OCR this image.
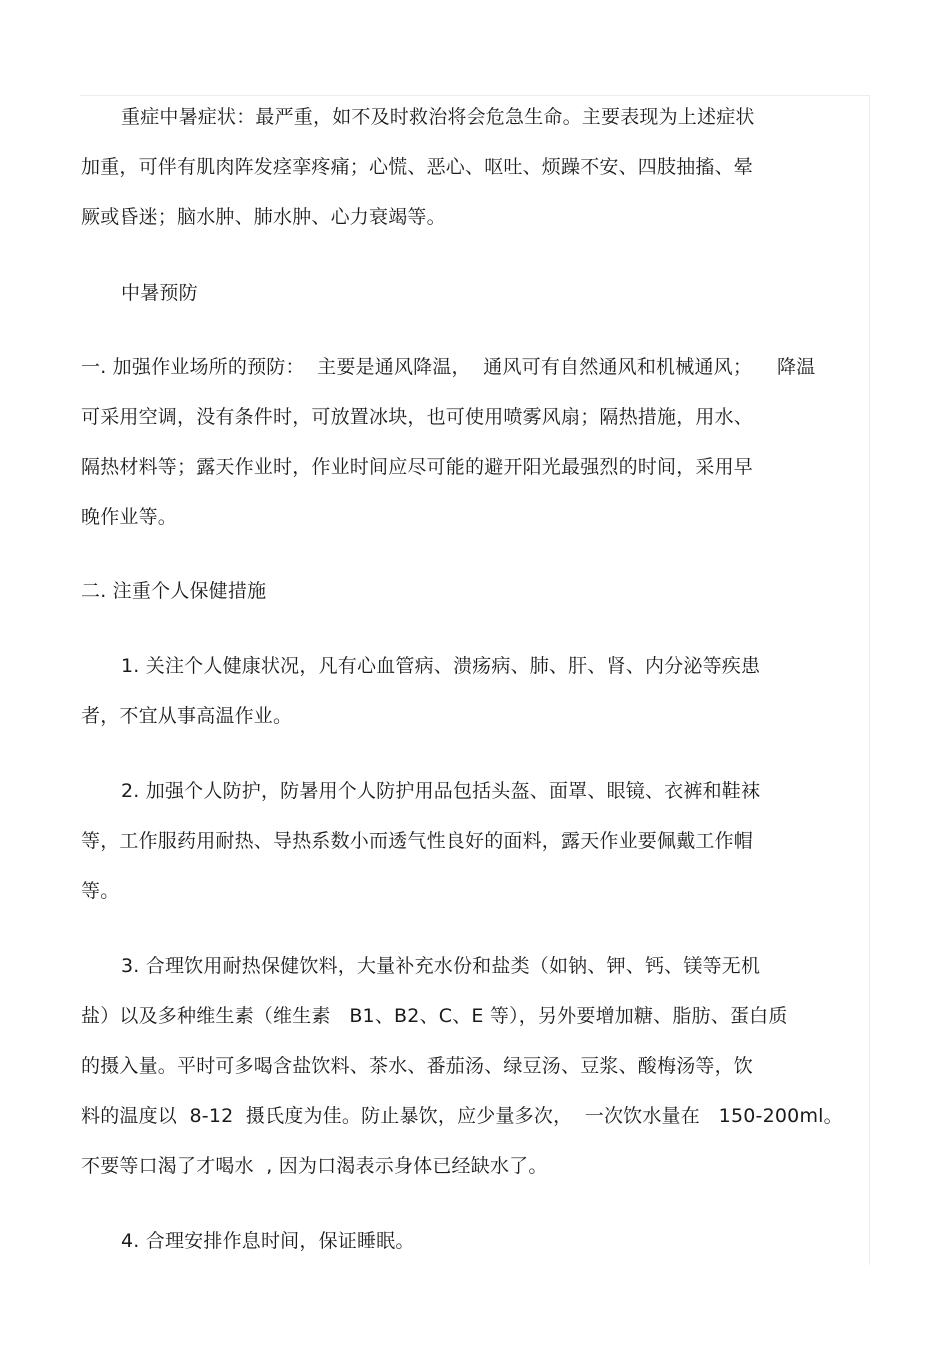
重症中暑症状：最严重，如不及时救治将会危急生命。主要表现为上述症状
加重，可伴有肌肉阵发痉挛疼痛；心慌、恶心、呕吐、烦躁不安、四肢抽搐、晕
厥或昏迷；脑水肿、肺水肿、心力衰竭等。
中暑预防
一. 加强作业场所的预防：  主要是通风降温，  通风可有自然通风和机械通风；    降温
可采用空调，没有条件时，可放置冰块，也可使用喷雾风扇；隔热措施，用水、
隔热材料等；露天作业时，作业时间应尽可能的避开阳光最强烈的时间，采用早
晚作业等。
二. 注重个人保健措施
1. 关注个人健康状况，凡有心血管病、溃疡病、肺、肝、肾、内分泌等疾患
者，不宜从事高温作业。
2. 加强个人防护，防暑用个人防护用品包括头盔、面罩、眼镜、衣裤和鞋袜
等，工作服药用耐热、导热系数小而透气性良好的面料，露天作业要佩戴工作帽
等。
3. 合理饮用耐热保健饮料，大量补充水份和盐类（如钠、钾、钙、镁等无机
盐）以及多种维生素（维生素   B1、B2、C、E 等），另外要增加糖、脂肪、蛋白质
的摄入量。平时可多喝含盐饮料、茶水、番茄汤、绿豆汤、豆浆、酸梅汤等，饮
料的温度以  8-12  摄氏度为佳。防止暴饮，应少量多次，  一次饮水量在   150-200ml。
不要等口渴了才喝水  , 因为口渴表示身体已经缺水了。
4. 合理安排作息时间，保证睡眠。
